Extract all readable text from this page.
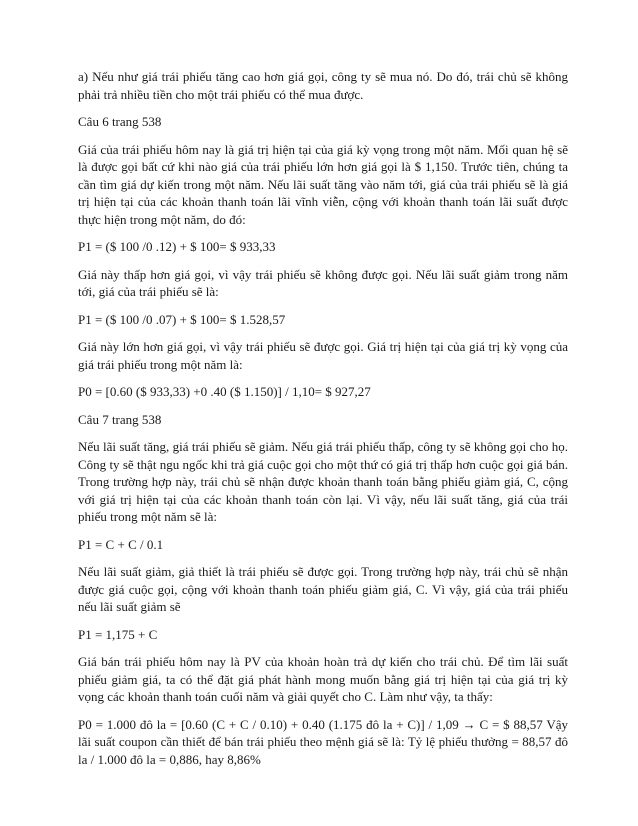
a) Nếu như giá trái phiếu tăng cao hơn giá gọi, công ty sẽ mua nó. Do đó, trái chủ sẽ không phải trả nhiều tiền cho một trái phiếu có thể mua được.

Câu 6 trang 538

Giá của trái phiếu hôm nay là giá trị hiện tại của giá kỳ vọng trong một năm. Mối quan hệ sẽ là được gọi bất cứ khi nào giá của trái phiếu lớn hơn giá gọi là $ 1,150. Trước tiên, chúng ta cần tìm giá dự kiến trong một năm. Nếu lãi suất tăng vào năm tới, giá của trái phiếu sẽ là giá trị hiện tại của các khoản thanh toán lãi vĩnh viễn, cộng với khoản thanh toán lãi suất được thực hiện trong một năm, do đó:

P1 = ($ 100 /0 .12) + $ 100= $ 933,33

Giá này thấp hơn giá gọi, vì vậy trái phiếu sẽ không được gọi. Nếu lãi suất giảm trong năm tới, giá của trái phiếu sẽ là:

P1 = ($ 100 /0 .07) + $ 100= $ 1.528,57

Giá này lớn hơn giá gọi, vì vậy trái phiếu sẽ được gọi. Giá trị hiện tại của giá trị kỳ vọng của giá trái phiếu trong một năm là:

P0 = [0.60 ($ 933,33) +0 .40 ($ 1.150)] / 1,10= $ 927,27

Câu 7 trang 538

Nếu lãi suất tăng, giá trái phiếu sẽ giảm. Nếu giá trái phiếu thấp, công ty sẽ không gọi cho họ. Công ty sẽ thật ngu ngốc khi trả giá cuộc gọi cho một thứ có giá trị thấp hơn cuộc gọi giá bán. Trong trường hợp này, trái chủ sẽ nhận được khoản thanh toán bằng phiếu giảm giá, C, cộng với giá trị hiện tại của các khoản thanh toán còn lại. Vì vậy, nếu lãi suất tăng, giá của trái phiếu trong một năm sẽ là:

P1 = C + C / 0.1

Nếu lãi suất giảm, giả thiết là trái phiếu sẽ được gọi. Trong trường hợp này, trái chủ sẽ nhận được giá cuộc gọi, cộng với khoản thanh toán phiếu giảm giá, C. Vì vậy, giá của trái phiếu nếu lãi suất giảm sẽ

P1 = 1,175 + C

Giá bán trái phiếu hôm nay là PV của khoản hoàn trả dự kiến cho trái chủ. Để tìm lãi suất phiếu giảm giá, ta có thể đặt giá phát hành mong muốn bằng giá trị hiện tại của giá trị kỳ vọng các khoản thanh toán cuối năm và giải quyết cho C. Làm như vậy, ta thấy:

P0 = 1.000 đô la = [0.60 (C + C / 0.10) + 0.40 (1.175 đô la + C)] / 1,09 → C = $ 88,57 Vậy lãi suất coupon cần thiết để bán trái phiếu theo mệnh giá sẽ là: Tỷ lệ phiếu thưởng = 88,57 đô la / 1.000 đô la = 0,886, hay 8,86%
